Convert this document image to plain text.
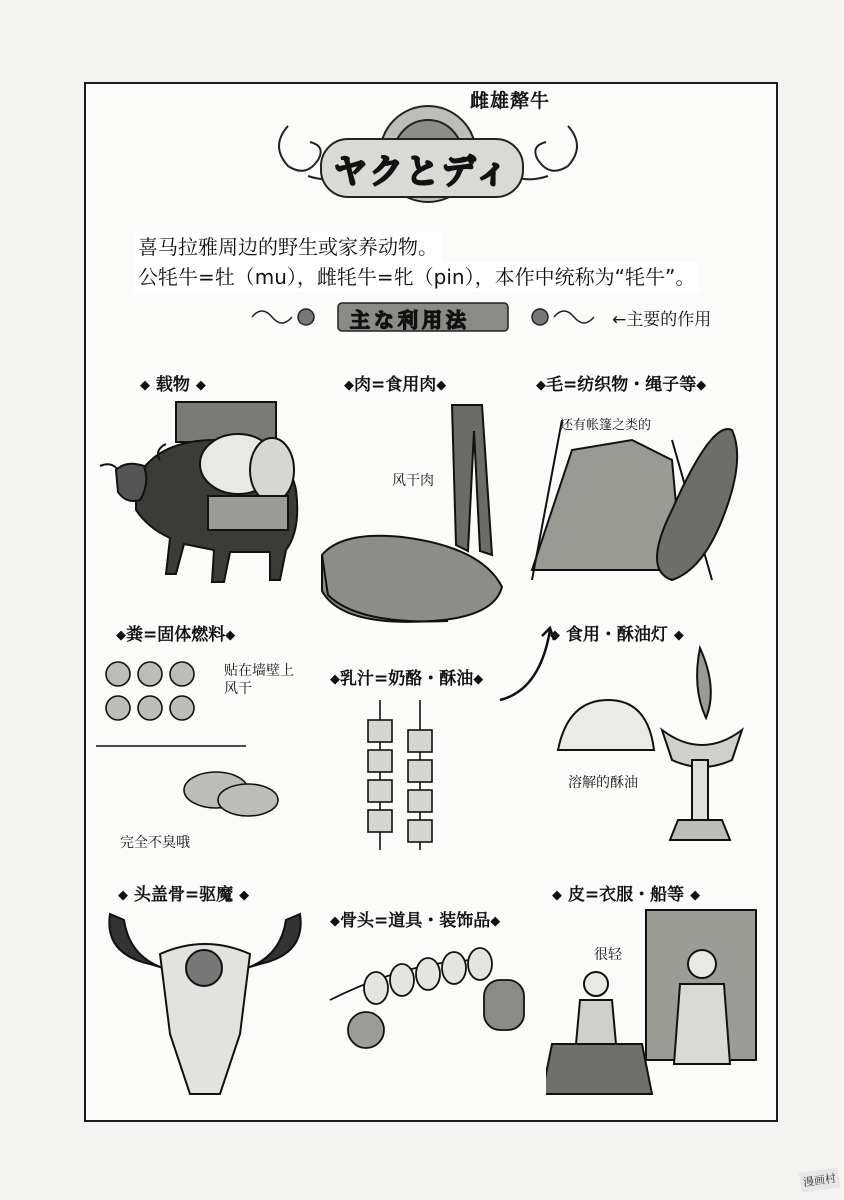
雌雄犛牛
ヤクとディ
喜马拉雅周边的野生或家养动物。
公牦牛=牡（mu），雌牦牛=牝（pin），本作中统称为“牦牛”。
主な利用法	←主要的作用
◆ 载物 ◆	◆肉=食用肉◆	◆毛=纺织物・绳子等◆
风干肉
还有帐篷之类的
◆粪=固体燃料◆
贴在墙壁上
风干
完全不臭哦
◆乳汁=奶酪・酥油◆
◆ 食用・酥油灯 ◆
溶解的酥油
◆ 头盖骨=驱魔 ◆
◆骨头=道具・装饰品◆
◆ 皮=衣服・船等 ◆
很轻
漫画村
